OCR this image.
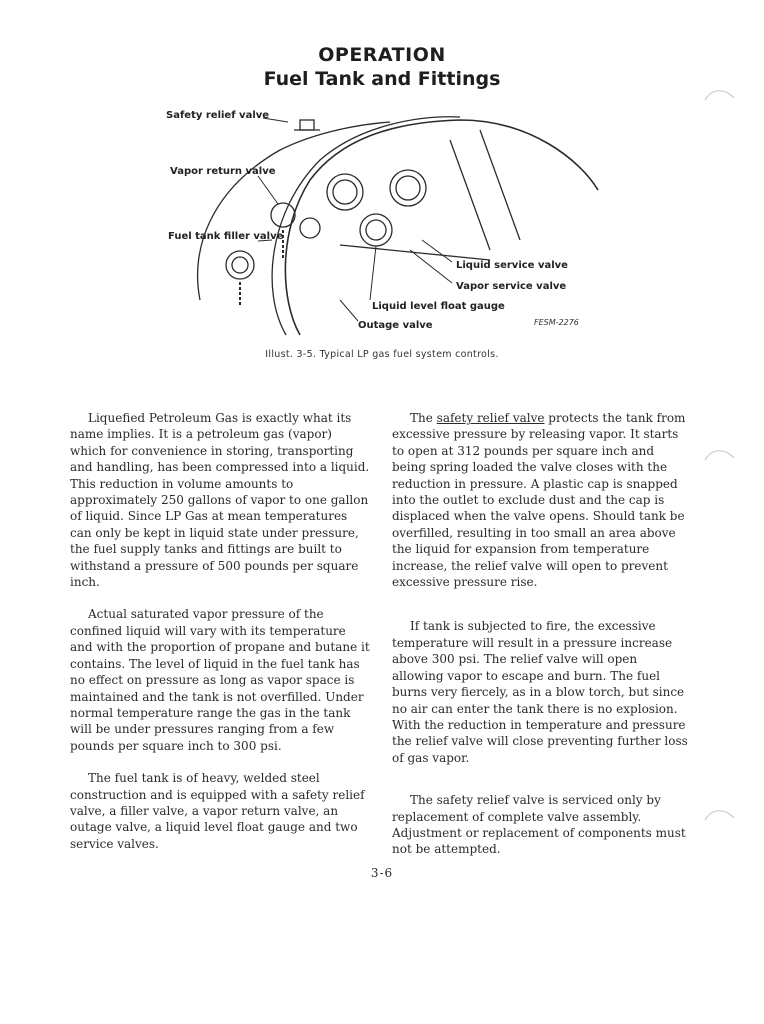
OPERATION
Fuel Tank and Fittings
Safety relief valve
Vapor return valve
Fuel tank filler valve
Liquid service valve
Vapor service valve
Liquid level float gauge
Outage valve	FESM-2276
Illust. 3-5. Typical LP gas fuel system controls.

Liquefied Petroleum Gas is exactly what its name implies. It is a petroleum gas (vapor) which for convenience in storing, transporting and handling, has been compressed into a liquid. This reduction in volume amounts to approximately 250 gallons of vapor to one gallon of liquid. Since LP Gas at mean temperatures can only be kept in liquid state under pressure, the fuel supply tanks and fittings are built to withstand a pressure of 500 pounds per square inch.

Actual saturated vapor pressure of the confined liquid will vary with its temperature and with the proportion of propane and butane it contains. The level of liquid in the fuel tank has no effect on pressure as long as vapor space is maintained and the tank is not overfilled. Under normal temperature range the gas in the tank will be under pressures ranging from a few pounds per square inch to 300 psi.

The fuel tank is of heavy, welded steel construction and is equipped with a safety relief valve, a filler valve, a vapor return valve, an outage valve, a liquid level float gauge and two service valves.

The safety relief valve protects the tank from excessive pressure by releasing vapor. It starts to open at 312 pounds per square inch and being spring loaded the valve closes with the reduction in pressure. A plastic cap is snapped into the outlet to exclude dust and the cap is displaced when the valve opens. Should tank be overfilled, resulting in too small an area above the liquid for expansion from temperature increase, the relief valve will open to prevent excessive pressure rise.

If tank is subjected to fire, the excessive temperature will result in a pressure increase above 300 psi. The relief valve will open allowing vapor to escape and burn. The fuel burns very fiercely, as in a blow torch, but since no air can enter the tank there is no explosion. With the reduction in temperature and pressure the relief valve will close preventing further loss of gas vapor.

The safety relief valve is serviced only by replacement of complete valve assembly. Adjustment or replacement of components must not be attempted.

3-6
